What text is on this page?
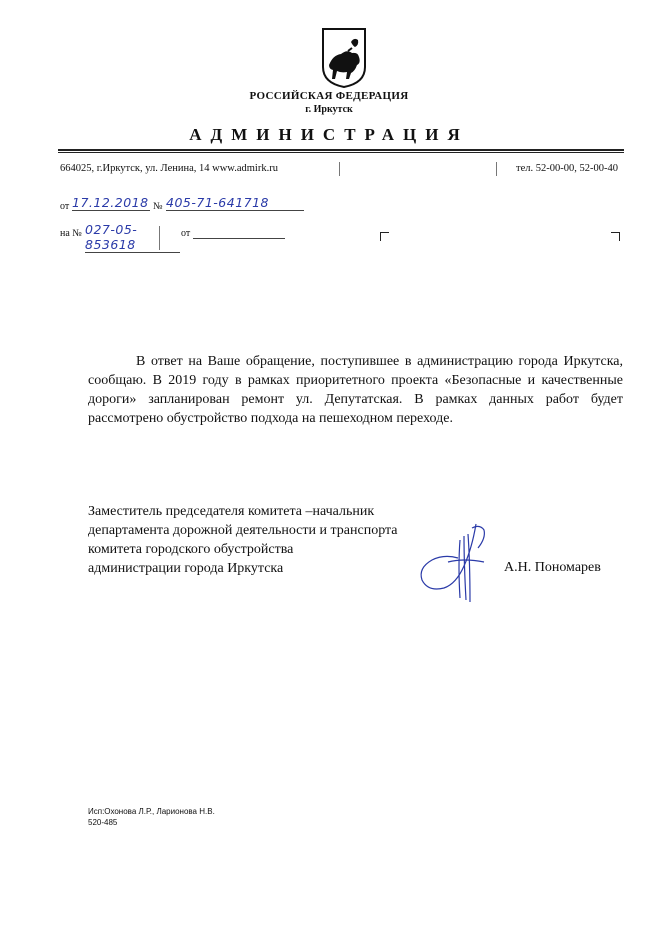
РОССИЙСКАЯ ФЕДЕРАЦИЯ
г. Иркутск
АДМИНИСТРАЦИЯ
664025, г.Иркутск, ул. Ленина, 14 www.admirk.ru	тел. 52-00-00, 52-00-40
от 17.12.2018 № 405-71-641718
на № 027-05-853618
от
В ответ на Ваше обращение, поступившее в администрацию города Иркутска, сообщаю. В 2019 году в рамках приоритетного проекта «Безопасные и качественные дороги» запланирован ремонт ул. Депутатская. В рамках данных работ будет рассмотрено обустройство подхода на пешеходном переходе.
Заместитель председателя комитета –начальник
департамента дорожной деятельности и транспорта
комитета городского обустройства
администрации города Иркутска	А.Н. Пономарев
Исп:Охонова Л.Р., Ларионова Н.В.
520-485
